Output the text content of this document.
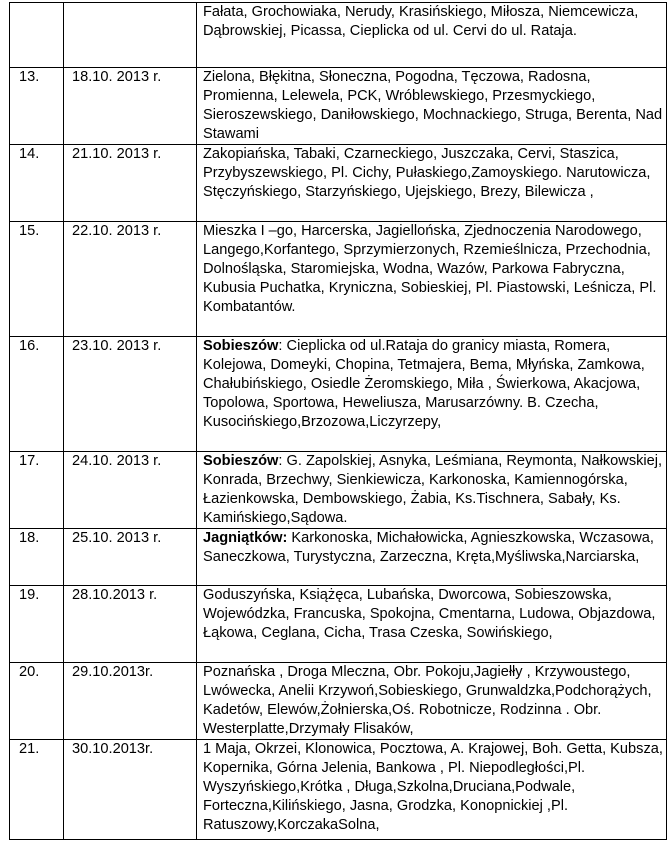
		Fałata, Grochowiaka, Nerudy, Krasińskiego, Miłosza, Niemcewicza, Dąbrowskiej, Picassa, Cieplicka od ul. Cervi do ul. Rataja.
13.	18.10. 2013 r.	Zielona, Błękitna, Słoneczna, Pogodna, Tęczowa, Radosna, Promienna, Lelewela, PCK, Wróblewskiego, Przesmyckiego, Sieroszewskiego, Daniłowskiego, Mochnackiego, Struga, Berenta, Nad Stawami
14.	21.10. 2013 r.	Zakopiańska, Tabaki, Czarneckiego, Juszczaka, Cervi, Staszica, Przybyszewskiego, Pl. Cichy, Pułaskiego,Zamoyskiego. Narutowicza, Stęczyńskiego, Starzyńskiego, Ujejskiego, Brezy, Bilewicza ,
15.	22.10. 2013 r.	Mieszka I –go, Harcerska, Jagiellońska, Zjednoczenia Narodowego, Langego,Korfantego, Sprzymierzonych, Rzemieślnicza, Przechodnia, Dolnośląska, Staromiejska, Wodna, Wazów, Parkowa Fabryczna, Kubusia Puchatka, Kryniczna, Sobieskiej, Pl. Piastowski, Leśnicza, Pl. Kombatantów.
16.	23.10. 2013 r.	Sobieszów: Cieplicka od ul.Rataja do granicy miasta, Romera, Kolejowa, Domeyki, Chopina, Tetmajera, Bema, Młyńska, Zamkowa, Chałubińskiego, Osiedle Żeromskiego, Miła , Świerkowa, Akacjowa, Topolowa, Sportowa, Heweliusza, Marusarzówny. B. Czecha, Kusocińskiego,Brzozowa,Liczyrzepy,
17.	24.10. 2013 r.	Sobieszów: G. Zapolskiej, Asnyka, Leśmiana, Reymonta, Nałkowskiej, Konrada, Brzechwy, Sienkiewicza, Karkonoska, Kamiennogórska, Łazienkowska, Dembowskiego, Żabia, Ks.Tischnera, Sabały, Ks. Kamińskiego,Sądowa.
18.	25.10. 2013 r.	Jagniątków: Karkonoska, Michałowicka, Agnieszkowska, Wczasowa, Saneczkowa, Turystyczna, Zarzeczna, Kręta,Myśliwska,Narciarska,
19.	28.10.2013 r.	Goduszyńska, Książęca, Lubańska, Dworcowa, Sobieszowska, Wojewódzka, Francuska, Spokojna, Cmentarna, Ludowa, Objazdowa, Łąkowa, Ceglana, Cicha, Trasa Czeska, Sowińskiego,
20.	29.10.2013r.	Poznańska , Droga Mleczna, Obr. Pokoju,Jagiełły , Krzywoustego, Lwówecka, Anelii Krzywoń,Sobieskiego, Grunwaldzka,Podchorążych, Kadetów, Elewów,Żołnierska,Oś. Robotnicze, Rodzinna . Obr. Westerplatte,Drzymały Flisaków,
21.	30.10.2013r.	1 Maja, Okrzei, Klonowica, Pocztowa, A. Krajowej, Boh. Getta, Kubsza, Kopernika, Górna Jelenia, Bankowa , Pl. Niepodległości,Pl. Wyszyńskiego,Krótka , Długa,Szkolna,Druciana,Podwale, Forteczna,Kilińskiego, Jasna, Grodzka, Konopnickiej ,Pl. Ratuszowy,KorczakaSolna,
